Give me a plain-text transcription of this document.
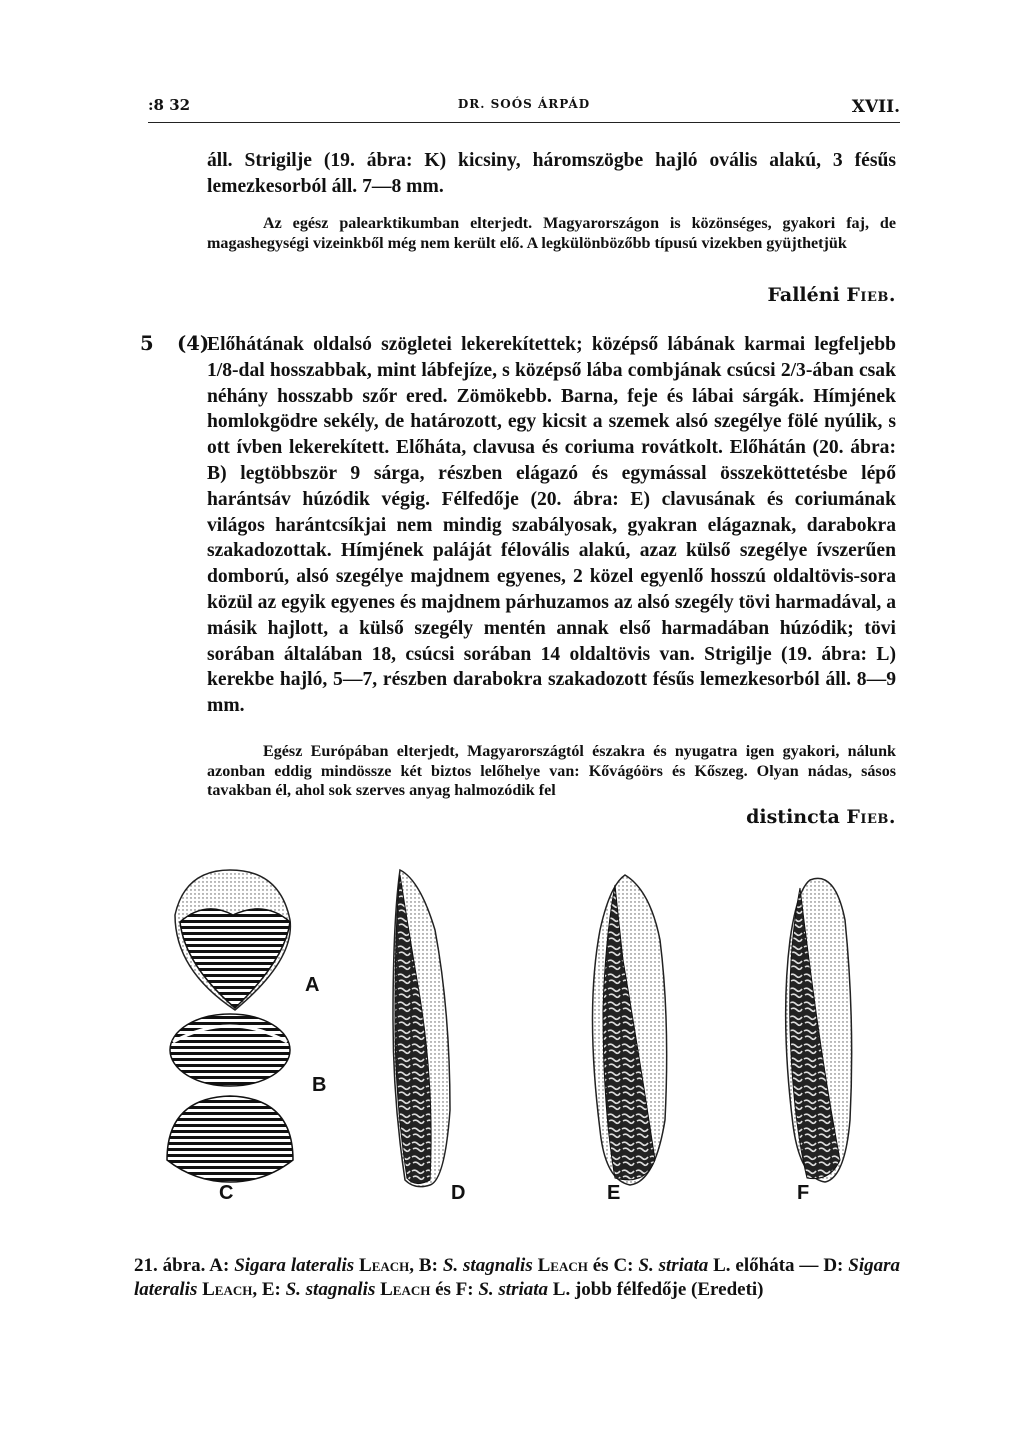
:8 32	DR. SOÓS ÁRPÁD	XVII.
áll. Strigilje (19. ábra: K) kicsiny, háromszögbe hajló ovális alakú, 3 fésűs lemezkesorból áll. 7—8 mm.
Az egész palearktikumban elterjedt. Magyarországon is közönséges, gyakori faj, de magashegységi vizeinkből még nem került elő. A legkülönbözőbb típusú vizekben gyüjthetjük
Falléni Fieb.
5 (4)
Előhátának oldalsó szögletei lekerekítettek; középső lábának karmai legfeljebb 1/8-dal hosszabbak, mint lábfejíze, s középső lába combjának csúcsi 2/3-ában csak néhány hosszabb szőr ered. Zömökebb. Barna, feje és lábai sárgák. Hímjének homlokgödre sekély, de határozott, egy kicsit a szemek alsó szegélye fölé nyúlik, s ott ívben lekerekített. Előháta, clavusa és coriuma rovátkolt. Előhátán (20. ábra: B) legtöbbször 9 sárga, részben elágazó és egymással összeköttetésbe lépő harántsáv húzódik végig. Félfedője (20. ábra: E) clavusának és coriumának világos harántcsíkjai nem mindig szabályosak, gyakran elágaznak, darabokra szakadozottak. Hímjének paláját félovális alakú, azaz külső szegélye ívszerűen domború, alsó szegélye majdnem egyenes, 2 közel egyenlő hosszú oldaltövis-sora közül az egyik egyenes és majdnem párhuzamos az alsó szegély tövi harmadával, a másik hajlott, a külső szegély mentén annak első harmadában húzódik; tövi sorában általában 18, csúcsi sorában 14 oldaltövis van. Strigilje (19. ábra: L) kerekbe hajló, 5—7, részben darabokra szakadozott fésűs lemezkesorból áll. 8—9 mm.
Egész Európában elterjedt, Magyarországtól északra és nyugatra igen gyakori, nálunk azonban eddig mindössze két biztos lelőhelye van: Kővágóörs és Kőszeg. Olyan nádas, sásos tavakban él, ahol sok szerves anyag halmozódik fel
distincta Fieb.
A
B
C	D	E	F
21. ábra. A: Sigara lateralis Leach, B: S. stagnalis Leach és C: S. striata L. előháta — D: Sigara lateralis Leach, E: S. stagnalis Leach és F: S. striata L. jobb félfedője (Eredeti)
